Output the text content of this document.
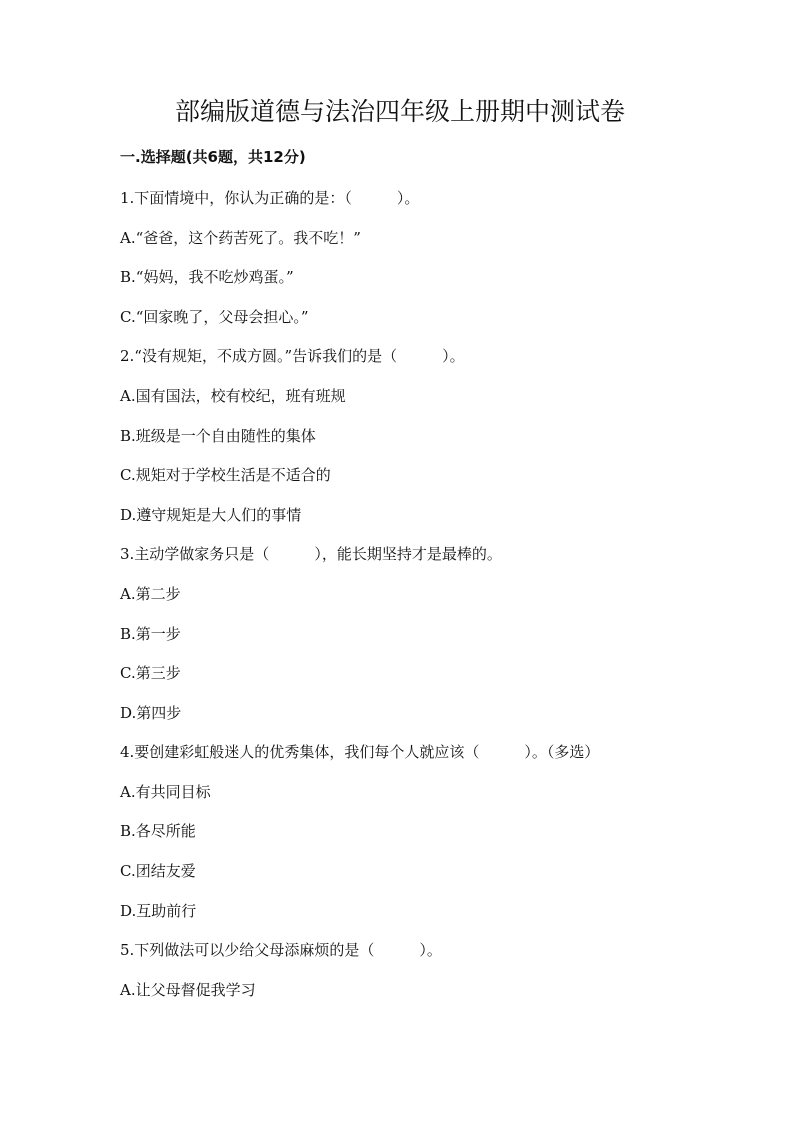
部编版道德与法治四年级上册期中测试卷
一.选择题(共6题，共12分)
1.下面情境中，你认为正确的是：（　　　）。
A.“爸爸，这个药苦死了。我不吃！”
B.“妈妈，我不吃炒鸡蛋。”
C.“回家晚了，父母会担心。”
2.“没有规矩，不成方圆。”告诉我们的是（　　　）。
A.国有国法，校有校纪，班有班规
B.班级是一个自由随性的集体
C.规矩对于学校生活是不适合的
D.遵守规矩是大人们的事情
3.主动学做家务只是（　　　），能长期坚持才是最棒的。
A.第二步
B.第一步
C.第三步
D.第四步
4.要创建彩虹般迷人的优秀集体，我们每个人就应该（　　　）。（多选）
A.有共同目标
B.各尽所能
C.团结友爱
D.互助前行
5.下列做法可以少给父母添麻烦的是（　　　）。
A.让父母督促我学习
